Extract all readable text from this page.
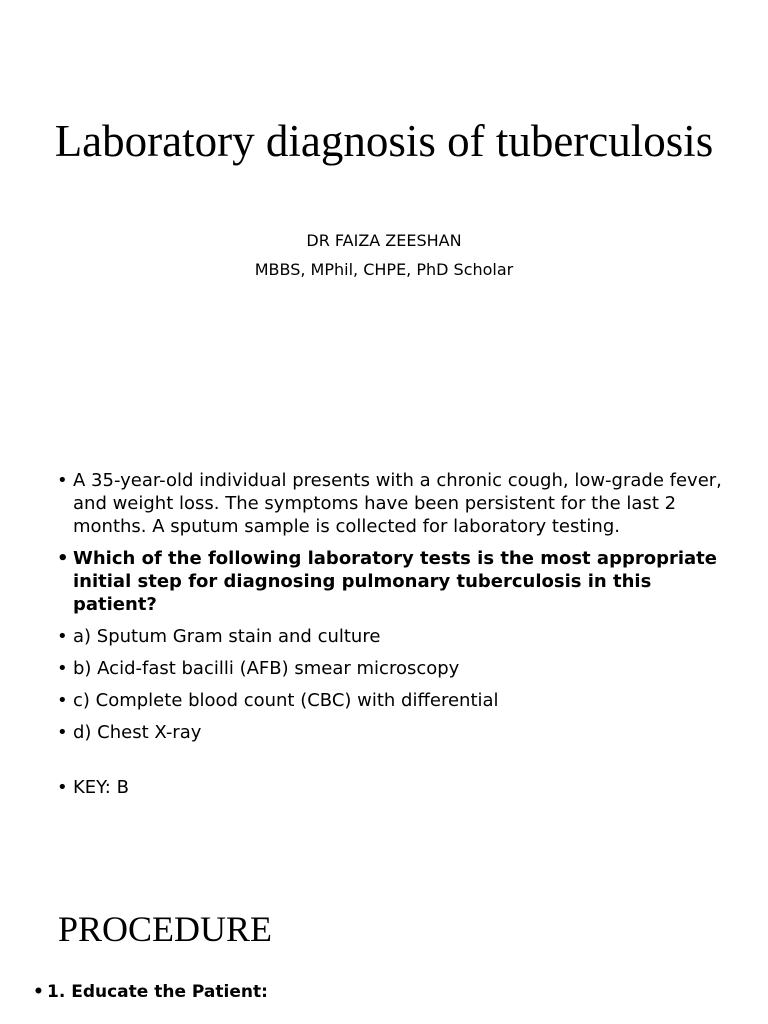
Laboratory diagnosis of tuberculosis
DR FAIZA ZEESHAN
MBBS, MPhil, CHPE, PhD Scholar
• A 35-year-old individual presents with a chronic cough, low-grade fever, and weight loss. The symptoms have been persistent for the last 2 months. A sputum sample is collected for laboratory testing.
• Which of the following laboratory tests is the most appropriate initial step for diagnosing pulmonary tuberculosis in this patient?
• a) Sputum Gram stain and culture
• b) Acid-fast bacilli (AFB) smear microscopy
• c) Complete blood count (CBC) with differential
• d) Chest X-ray
• KEY: B
PROCEDURE
• 1. Educate the Patient:
